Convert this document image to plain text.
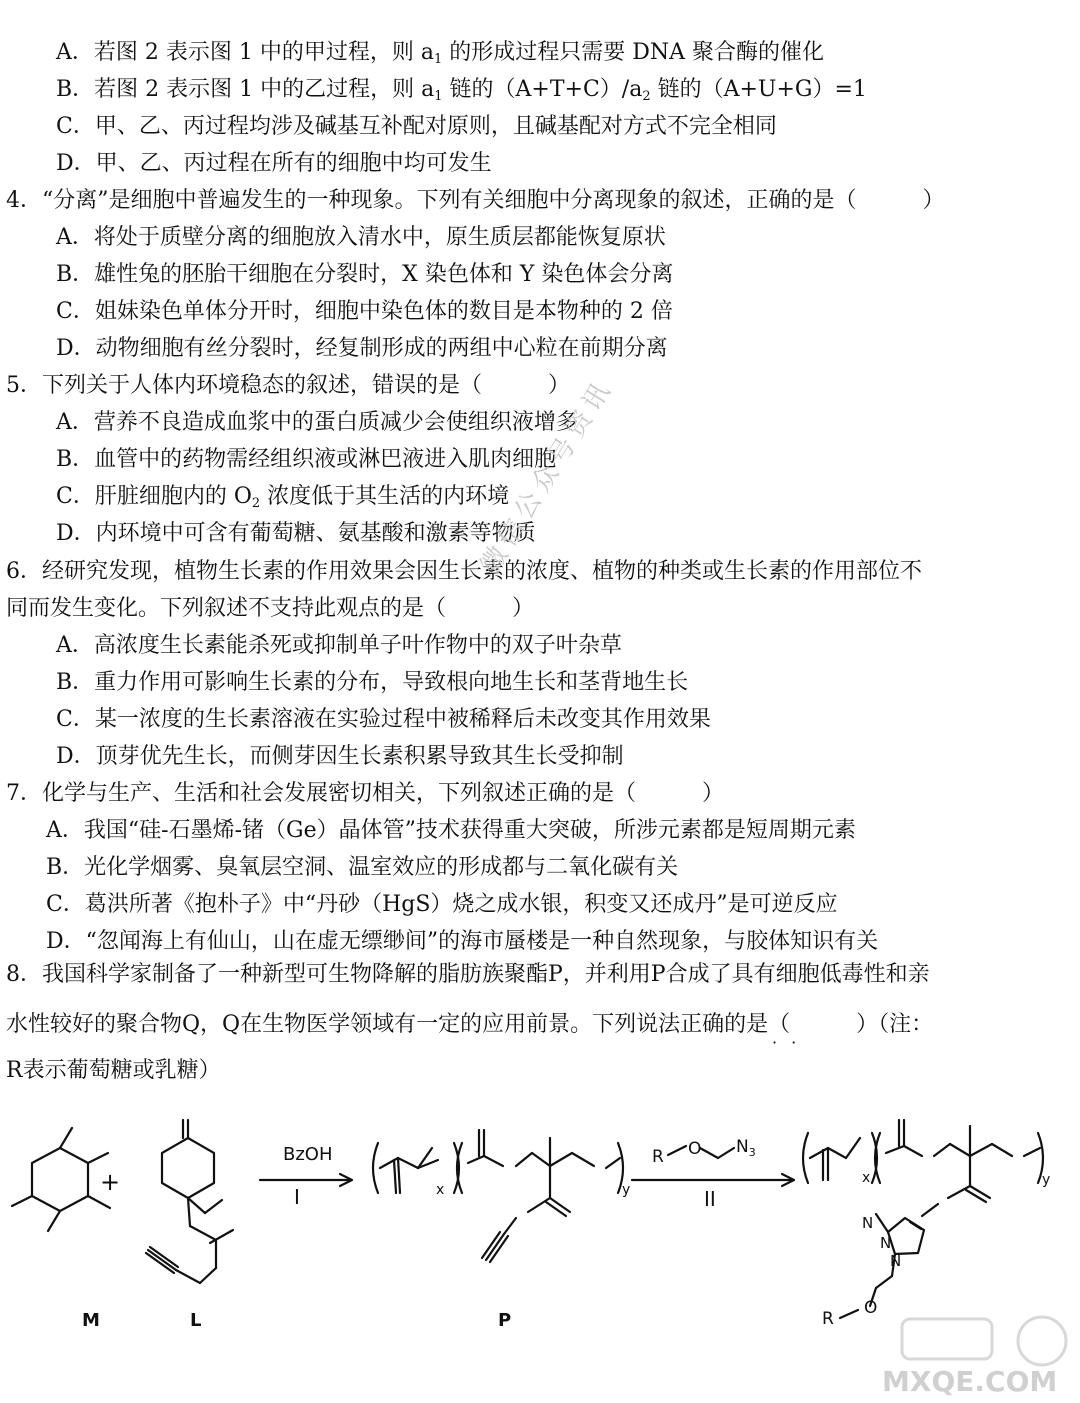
A．若图 2 表示图 1 中的甲过程，则 $a_1$ 的形成过程只需要 DNA 聚合酶的催化
B．若图 2 表示图 1 中的乙过程，则 $a_1$ 链的$(A+T+C)/a_2$ 链的（A+U+G）=1
C．甲、乙、丙过程均涉及碱基互补配对原则，且碱基配对方式不完全相同
D．甲、乙、丙过程在所有的细胞中均可发生
4．“分离”是细胞中普遍发生的一种现象。下列有关细胞中分离现象的叙述，正确的是（　　　）
A．将处于质壁分离的细胞放入清水中，原生质层都能恢复原状
B．雄性兔的胚胎干细胞在分裂时，X 染色体和 Y 染色体会分离
C．姐妹染色单体分开时，细胞中染色体的数目是本物种的 2 倍
D．动物细胞有丝分裂时，经复制形成的两组中心粒在前期分离
5．下列关于人体内环境稳态的叙述，错误的是（　　　）
A．营养不良造成血浆中的蛋白质减少会使组织液增多
B．血管中的药物需经组织液或淋巴液进入肌肉细胞
C．肝脏细胞内的 $O_2$ 浓度低于其生活的内环境
D．内环境中可含有葡萄糖、氨基酸和激素等物质
6．经研究发现，植物生长素的作用效果会因生长素的浓度、植物的种类或生长素的作用部位不
同而发生变化。下列叙述不支持此观点的是（　　　）
A．高浓度生长素能杀死或抑制单子叶作物中的双子叶杂草
B．重力作用可影响生长素的分布，导致根向地生长和茎背地生长
C．某一浓度的生长素溶液在实验过程中被稀释后未改变其作用效果
D．顶芽优先生长，而侧芽因生长素积累导致其生长受抑制
7．化学与生产、生活和社会发展密切相关，下列叙述正确的是（　　　）
A．我国“硅-石墨烯-锗（Ge）晶体管”技术获得重大突破，所涉元素都是短周期元素
B．光化学烟雾、臭氧层空洞、温室效应的形成都与二氧化碳有关
C．葛洪所著《抱朴子》中“丹砂（HgS）烧之成水银，积变又还成丹”是可逆反应
D．“忽闻海上有仙山，山在虚无缥缈间”的海市蜃楼是一种自然现象，与胶体知识有关
8．我国科学家制备了一种新型可生物降解的脂肪族聚酯P，并利用P合成了具有细胞低毒性和亲
水性较好的聚合物Q，Q在生物医学领域有一定的应用前景。下列说法正确的是（　　　）（注：
··
R表示葡萄糖或乳糖）
微信公众号资讯
+
BzOH
I	II
R O $N_3$
x	y
x	y
N
N
N
O
R
M	L	P
MXQE.COM
